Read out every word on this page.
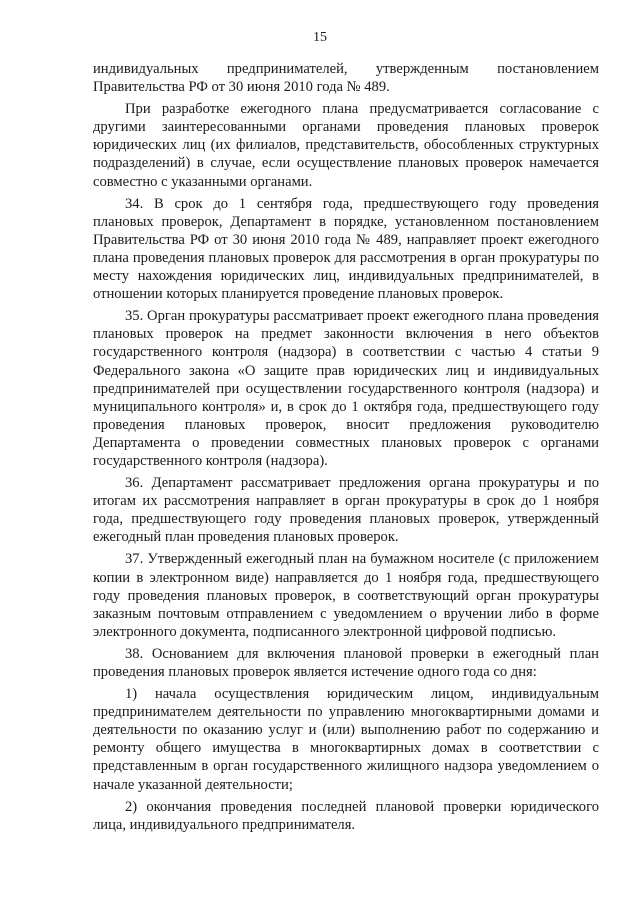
15

индивидуальных предпринимателей, утвержденным постановлением Правительства РФ от 30 июня 2010 года № 489.

При разработке ежегодного плана предусматривается согласование с другими заинтересованными органами проведения плановых проверок юридических лиц (их филиалов, представительств, обособленных структурных подразделений) в случае, если осуществление плановых проверок намечается совместно с указанными органами.

34. В срок до 1 сентября года, предшествующего году проведения плановых проверок, Департамент в порядке, установленном постановлением Правительства РФ от 30 июня 2010 года № 489, направляет проект ежегодного плана проведения плановых проверок для рассмотрения в орган прокуратуры по месту нахождения юридических лиц, индивидуальных предпринимателей, в отношении которых планируется проведение плановых проверок.

35. Орган прокуратуры рассматривает проект ежегодного плана проведения плановых проверок на предмет законности включения в него объектов государственного контроля (надзора) в соответствии с частью 4 статьи 9 Федерального закона «О защите прав юридических лиц и индивидуальных предпринимателей при осуществлении государственного контроля (надзора) и муниципального контроля» и, в срок до 1 октября года, предшествующего году проведения плановых проверок, вносит предложения руководителю Департамента о проведении совместных плановых проверок с органами государственного контроля (надзора).

36. Департамент рассматривает предложения органа прокуратуры и по итогам их рассмотрения направляет в орган прокуратуры в срок до 1 ноября года, предшествующего году проведения плановых проверок, утвержденный ежегодный план проведения плановых проверок.

37. Утвержденный ежегодный план на бумажном носителе (с приложением копии в электронном виде) направляется до 1 ноября года, предшествующего году проведения плановых проверок, в соответствующий орган прокуратуры заказным почтовым отправлением с уведомлением о вручении либо в форме электронного документа, подписанного электронной цифровой подписью.

38. Основанием для включения плановой проверки в ежегодный план проведения плановых проверок является истечение одного года со дня:

1) начала осуществления юридическим лицом, индивидуальным предпринимателем деятельности по управлению многоквартирными домами и деятельности по оказанию услуг и (или) выполнению работ по содержанию и ремонту общего имущества в многоквартирных домах в соответствии с представленным в орган государственного жилищного надзора уведомлением о начале указанной деятельности;

2) окончания проведения последней плановой проверки юридического лица, индивидуального предпринимателя.
